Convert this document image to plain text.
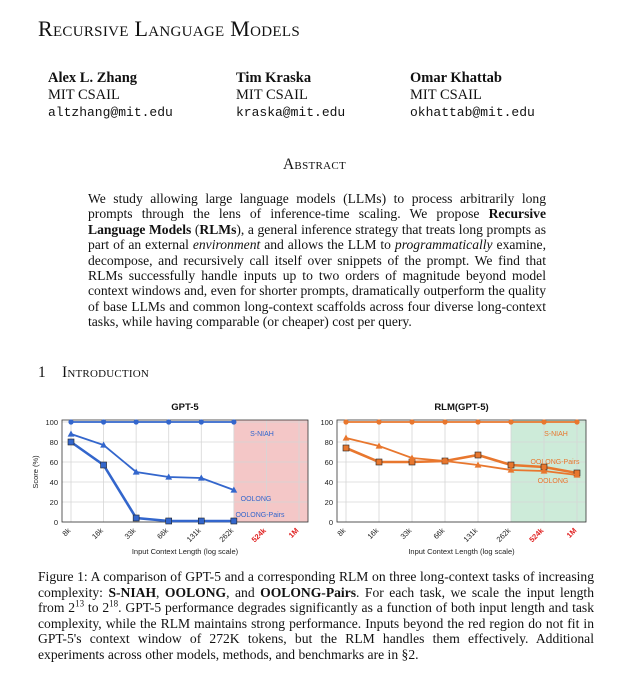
Recursive Language Models
Alex L. Zhang
MIT CSAIL
altzhang@mit.edu
Tim Kraska
MIT CSAIL
kraska@mit.edu
Omar Khattab
MIT CSAIL
okhattab@mit.edu
Abstract
We study allowing large language models (LLMs) to process arbitrarily long prompts through the lens of inference-time scaling. We propose Recursive Language Models (RLMs), a general inference strategy that treats long prompts as part of an external environment and allows the LLM to programmatically examine, decompose, and recursively call itself over snippets of the prompt. We find that RLMs successfully handle inputs up to two orders of magnitude beyond model context windows and, even for shorter prompts, dramatically outperform the quality of base LLMs and common long-context scaffolds across four diverse long-context tasks, while having comparable (or cheaper) cost per query.
1 Introduction
GPT-5
0
20
40
60
80
100
8k 16k 33k 66k 131k 262k 524k	1M
Input Context Length (log scale)
Score (%)
S-NIAH
OOLONG
OOLONG-Pairs
RLM(GPT-5)
0
20
40
60
80
100
8k 16k 33k 66k 131k 262k 524k	1M
Input Context Length (log scale)
S-NIAH
OOLONG-Pairs
OOLONG
Figure 1: A comparison of GPT-5 and a corresponding RLM on three long-context tasks of increasing complexity: S-NIAH, OOLONG, and OOLONG-Pairs. For each task, we scale the input length from $2^{13}$ to $2^{18}$. GPT-5 performance degrades significantly as a function of both input length and task complexity, while the RLM maintains strong performance. Inputs beyond the red region do not fit in GPT-5's context window of 272K tokens, but the RLM handles them effectively. Additional experiments across other models, methods, and benchmarks are in §2.
